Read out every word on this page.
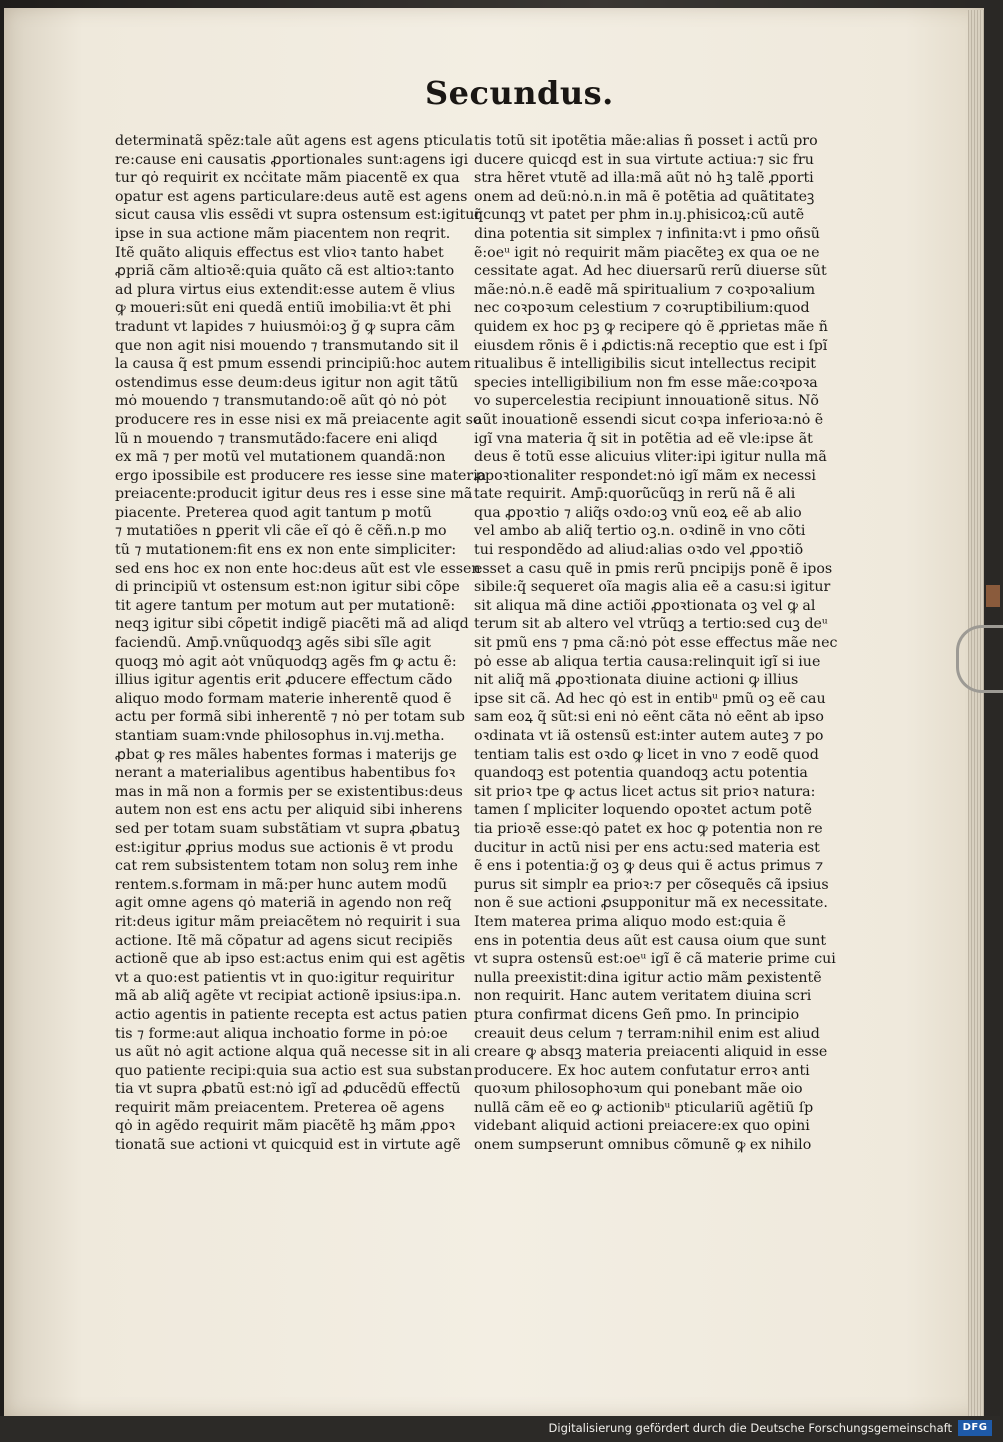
Secundus.
determinatã spẽz:tale aũt agens est agens pticula
re:cause eni causatis ꝓportionales sunt:agens igi
tur qȯ requirit ex ncċitate mãm piacentẽ ex qua
opatur est agens particulare:deus autẽ est agens
sicut causa vlis essẽdi vt supra ostensum est:igitur
ipse in sua actione mãm piacentem non reqrit.
Itẽ quãto aliquis effectus est vlioꝛ tanto habet
ꝓpriã cãm altioꝛẽ:quia quãto cã est altioꝛ:tanto
ad plura virtus eius extendit:esse autem ẽ vlius
ꝙ moueri:sũt eni quedã entiũ imobilia:vt ẽt phi
tradunt vt lapides ⁊ huiusmȯi:oꝫ ğ ꝙ supra cãm
que non agit nisi mouendo ⁊ transmutando sit il
la causa q̃ est pmum essendi principiũ:hoc autem
ostendimus esse deum:deus igitur non agit tãtũ
mȯ mouendo ⁊ transmutando:oẽ aũt qȯ nȯ pȯt
producere res in esse nisi ex mã preiacente agit so
lũ n mouendo ⁊ transmutãdo:facere eni aliqd
ex mã ⁊ per motũ vel mutationem quandã:non
ergo ipossibile est producere res iesse sine materia
preiacente:producit igitur deus res i esse sine mã
piacente. Preterea quod agit tantum p motũ
⁊ mutatiões n ꝑperit vli cãe eĩ qȯ ẽ cẽñ.n.p mo
tũ ⁊ mutationem:fit ens ex non ente simpliciter:
sed ens hoc ex non ente hoc:deus aũt est vle essen
di principiũ vt ostensum est:non igitur sibi cõpe
tit agere tantum per motum aut per mutationẽ:
neqꝫ igitur sibi cõpetit indigẽ piacẽti mã ad aliqd
faciendũ. Amp̄.vnũquodqꝫ agẽs sibi sĩle agit
quoqꝫ mȯ agit aȯt vnũquodqꝫ agẽs fm ꝙ actu ẽ:
illius igitur agentis erit ꝓducere effectum cãdo
aliquo modo formam materie inherentẽ quod ẽ
actu per formã sibi inherentẽ ⁊ nȯ per totam sub
stantiam suam:vnde philosophus in.vıj.metha.
ꝓbat ꝙ res mãles habentes formas i materijs ge
nerant a materialibus agentibus habentibus foꝛ
mas in mã non a formis per se existentibus:deus
autem non est ens actu per aliquid sibi inherens
sed per totam suam substãtiam vt supra ꝓbatuꝫ
est:igitur ꝓprius modus sue actionis ẽ vt produ
cat rem subsistentem totam non soluꝫ rem inhe
rentem.s.formam in mã:per hunc autem modũ
agit omne agens qȯ materiã in agendo non req̃
rit:deus igitur mãm preiacẽtem nȯ requirit i sua
actione. Itẽ mã cõpatur ad agens sicut recipiẽs
actionẽ que ab ipso est:actus enim qui est agẽtis
vt a quo:est patientis vt in quo:igitur requiritur
mã ab aliq̃ agẽte vt recipiat actionẽ ipsius:ipa.n.
actio agentis in patiente recepta est actus patien
tis ⁊ forme:aut aliqua inchoatio forme in pȯ:oe
us aũt nȯ agit actione alqua quã necesse sit in ali
quo patiente recipi:quia sua actio est sua substan
tia vt supra ꝓbatũ est:nȯ igı̃ ad ꝓducẽdũ effectũ
requirit mãm preiacentem. Preterea oẽ agens
qȯ in agẽdo requirit mãm piacẽtẽ hꝫ mãm ꝓpoꝛ
tionatã sue actioni vt quicquid est in virtute agẽ
tis totũ sit ipotẽtia mãe:alias ñ posset i actũ pro
ducere quicqd est in sua virtute actiua:⁊ sic fru
stra hẽret vtutẽ ad illa:mã aũt nȯ hꝫ talẽ ꝓporti
onem ad deũ:nȯ.n.in mã ẽ potẽtia ad quãtitateꝫ
q̃cunqꝫ vt patet per phm in.ıȷ.phisicoꝝ:cũ autẽ
dina potentia sit simplex ⁊ infinita:vt i pmo oñsũ
ẽ:oeᵘ igit nȯ requirit mãm piacẽteꝫ ex qua oe ne
cessitate agat. Ad hec diuersarũ rerũ diuerse sũt
mãe:nȯ.n.ẽ eadẽ mã spiritualium ⁊ coꝛpoꝛalium
nec coꝛpoꝛum celestium ⁊ coꝛruptibilium:quod
quidem ex hoc pꝫ ꝙ recipere qȯ ẽ ꝓprietas mãe ñ
eiusdem rõnis ẽ i ꝓdictis:nã receptio que est i ſpĩ
ritualibus ẽ intelligibilis sicut intellectus recipit
species intelligibilium non fm esse mãe:coꝛpoꝛa
vo supercelestia recipiunt innouationẽ situs. Nõ
aũt inouationẽ essendi sicut coꝛpa inferioꝛa:nȯ ẽ
igı̃ vna materia q̃ sit in potẽtia ad eẽ vle:ipse ãt
deus ẽ totũ esse alicuius vliter:ipi igitur nulla mã
ꝓpoꝛtionaliter respondet:nȯ igı̃ mãm ex necessi
tate requirit. Amp̄:quorũcũqꝫ in rerũ nã ẽ ali
qua ꝓpoꝛtio ⁊ aliq̃s oꝛdo:oꝫ vnũ eoꝝ eẽ ab alio
vel ambo ab aliq̃ tertio oꝫ.n. oꝛdinẽ in vno cõti
tui respondẽdo ad aliud:alias oꝛdo vel ꝓpoꝛtiõ
esset a casu quẽ in pmis rerũ pncipijs ponẽ ẽ ipos
sibile:q̃ sequeret oĩa magis alia eẽ a casu:si igitur
sit aliqua mã dine actiõi ꝓpoꝛtionata oꝫ vel ꝙ al
terum sit ab altero vel vtrũqꝫ a tertio:sed cuꝫ deᵘ
sit pmũ ens ⁊ pma cã:nȯ pȯt esse effectus mãe nec
pȯ esse ab aliqua tertia causa:relinquit igı̃ si iue
nit aliq̃ mã ꝓpoꝛtionata diuine actioni ꝙ illius
ipse sit cã. Ad hec qȯ est in entibᵘ pmũ oꝫ eẽ cau
sam eoꝝ q̃ sũt:si eni nȯ eẽnt cãta nȯ eẽnt ab ipso
oꝛdinata vt iã ostensũ est:inter autem auteꝫ ⁊ po
tentiam talis est oꝛdo ꝙ licet in vno ⁊ eodẽ quod
quandoqꝫ est potentia quandoqꝫ actu potentia
sit prioꝛ tpe ꝙ actus licet actus sit prioꝛ natura:
tamen ſ mpliciter loquendo opoꝛtet actum potẽ
tia prioꝛẽ esse:qȯ patet ex hoc ꝙ potentia non re
ducitur in actũ nisi per ens actu:sed materia est
ẽ ens i potentia:ğ oꝫ ꝙ deus qui ẽ actus primus ⁊
purus sit simplr ea prioꝛ:⁊ per cõsequẽs cã ipsius
non ẽ sue actioni ꝓsupponitur mã ex necessitate.
Item materea prima aliquo modo est:quia ẽ
ens in potentia deus aũt est causa oium que sunt
vt supra ostensũ est:oeᵘ igı̃ ẽ cã materie prime cui
nulla preexistit:dina igitur actio mãm ꝑexistentẽ
non requirit. Hanc autem veritatem diuina scri
ptura confirmat dicens Geñ pmo. In principio
creauit deus celum ⁊ terram:nihil enim est aliud
creare ꝙ absqꝫ materia preiacenti aliquid in esse
producere. Ex hoc autem confutatur erroꝛ anti
quoꝛum philosophoꝛum qui ponebant mãe oio
nullã cãm eẽ eo ꝙ actionibᵘ pticulariũ agẽtiũ ſp
videbant aliquid actioni preiacere:ex quo opini
onem sumpserunt omnibus cõmunẽ ꝙ ex nihilo
Digitalisierung gefördert durch die Deutsche Forschungsgemeinschaft	DFG
